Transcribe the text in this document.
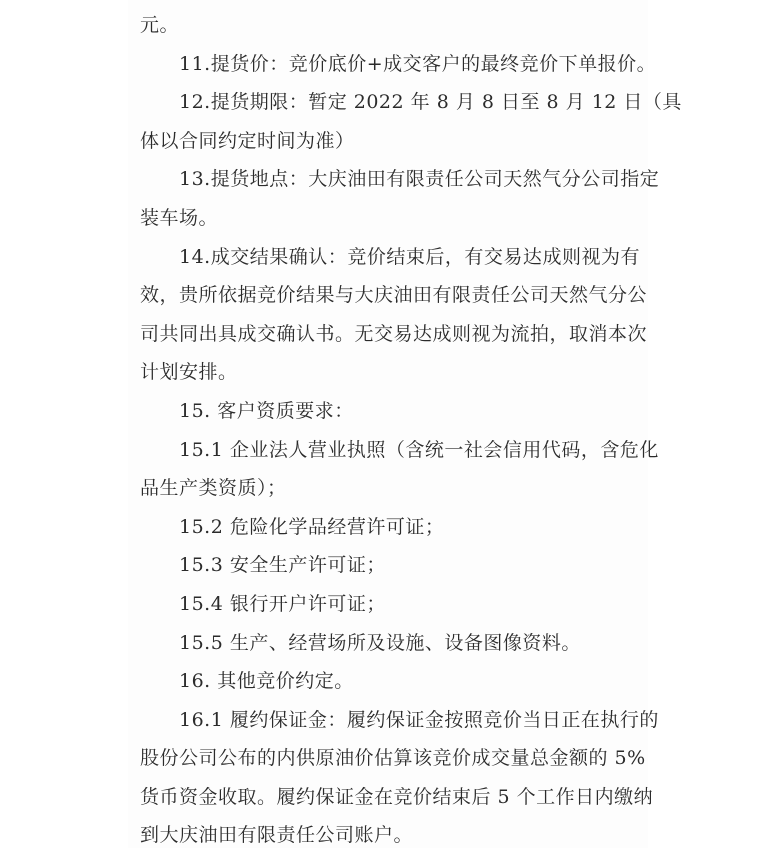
元。
11.提货价：竞价底价+成交客户的最终竞价下单报价。
12.提货期限：暂定 2022 年 8 月 8 日至 8 月 12 日（具
体以合同约定时间为准）
13.提货地点：大庆油田有限责任公司天然气分公司指定
装车场。
14.成交结果确认：竞价结束后，有交易达成则视为有
效，贵所依据竞价结果与大庆油田有限责任公司天然气分公
司共同出具成交确认书。无交易达成则视为流拍，取消本次
计划安排。
15. 客户资质要求：
15.1 企业法人营业执照（含统一社会信用代码，含危化
品生产类资质）；
15.2 危险化学品经营许可证；
15.3 安全生产许可证；
15.4 银行开户许可证；
15.5 生产、经营场所及设施、设备图像资料。
16. 其他竞价约定。
16.1 履约保证金：履约保证金按照竞价当日正在执行的
股份公司公布的内供原油价估算该竞价成交量总金额的 5%
货币资金收取。履约保证金在竞价结束后 5 个工作日内缴纳
到大庆油田有限责任公司账户。
